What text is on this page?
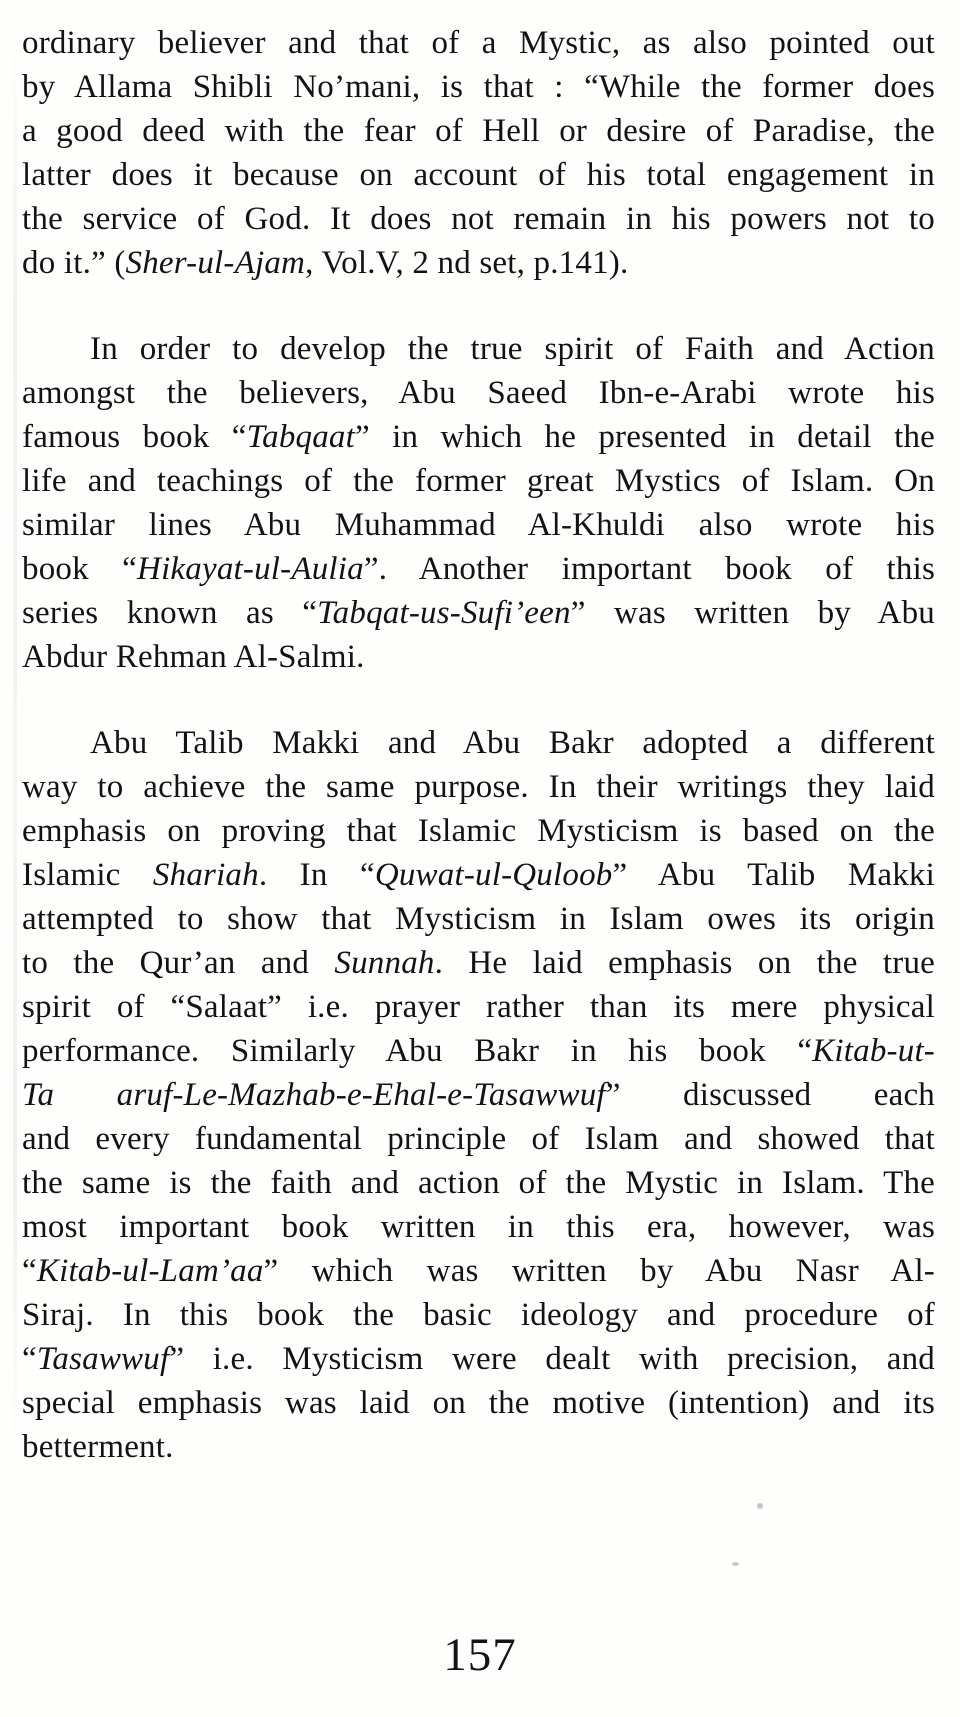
ordinary believer and that of a Mystic, as also pointed out
by Allama Shibli No’mani, is that : “While the former does
a good deed with the fear of Hell or desire of Paradise, the
latter does it because on account of his total engagement in
the service of God. It does not remain in his powers not to
do it.” (Sher-ul-Ajam, Vol.V, 2 nd set, p.141).
In order to develop the true spirit of Faith and Action
amongst the believers, Abu Saeed Ibn-e-Arabi wrote his
famous book “Tabqaat” in which he presented in detail the
life and teachings of the former great Mystics of Islam. On
similar lines Abu Muhammad Al-Khuldi also wrote his
book “Hikayat-ul-Aulia”. Another important book of this
series known as “Tabqat-us-Sufi’een” was written by Abu
Abdur Rehman Al-Salmi.
Abu Talib Makki and Abu Bakr adopted a different
way to achieve the same purpose. In their writings they laid
emphasis on proving that Islamic Mysticism is based on the
Islamic Shariah. In “Quwat-ul-Quloob” Abu Talib Makki
attempted to show that Mysticism in Islam owes its origin
to the Qur’an and Sunnah. He laid emphasis on the true
spirit of “Salaat” i.e. prayer rather than its mere physical
performance. Similarly Abu Bakr in his book “Kitab-ut-
Ta aruf-Le-Mazhab-e-Ehal-e-Tasawwuf” discussed each
and every fundamental principle of Islam and showed that
the same is the faith and action of the Mystic in Islam. The
most important book written in this era, however, was
“Kitab-ul-Lam’aa” which was written by Abu Nasr Al-
Siraj. In this book the basic ideology and procedure of
“Tasawwuf” i.e. Mysticism were dealt with precision, and
special emphasis was laid on the motive (intention) and its
betterment.
157
